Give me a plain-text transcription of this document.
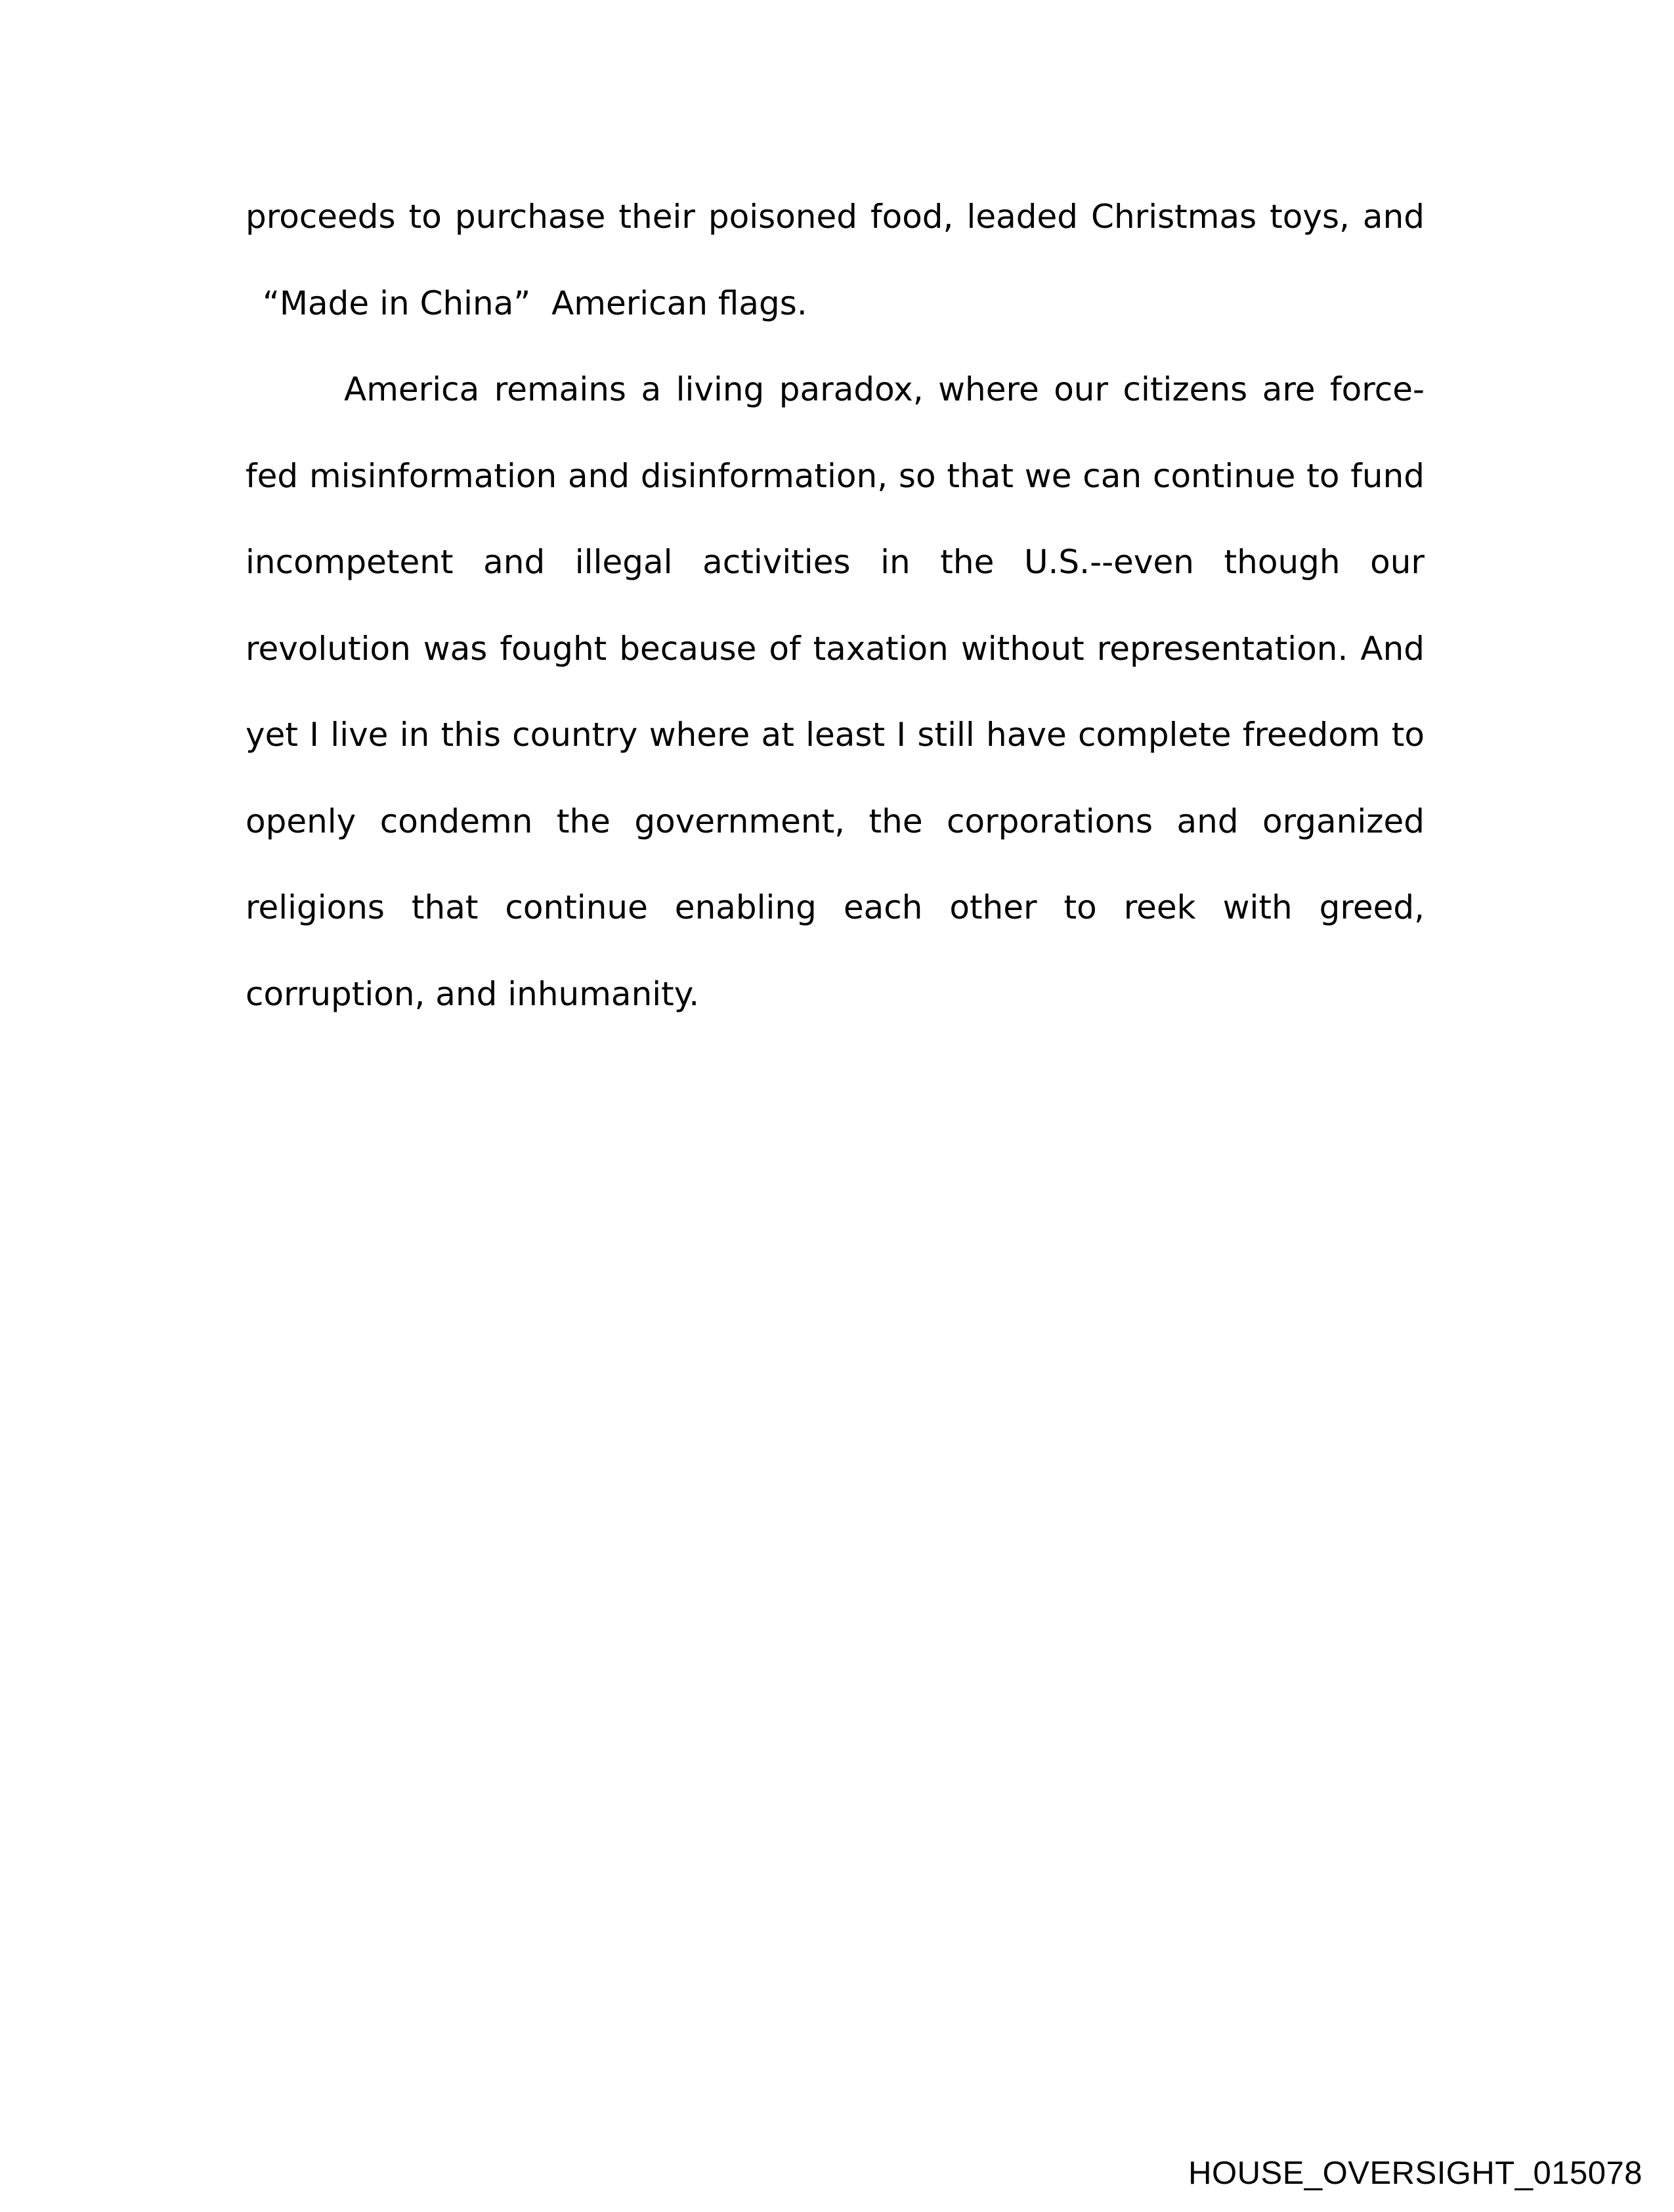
proceeds to purchase their poisoned food, leaded Christmas toys, and
“Made in China”  American flags.

America remains a living paradox, where our citizens are force-fed misinformation and disinformation, so that we can continue to fund incompetent and illegal activities in the U.S.--even though our revolution was fought because of taxation without representation. And yet I live in this country where at least I still have complete freedom to openly condemn the government, the corporations and organized religions that continue enabling each other to reek with greed, corruption, and inhumanity.

HOUSE_OVERSIGHT_015078
